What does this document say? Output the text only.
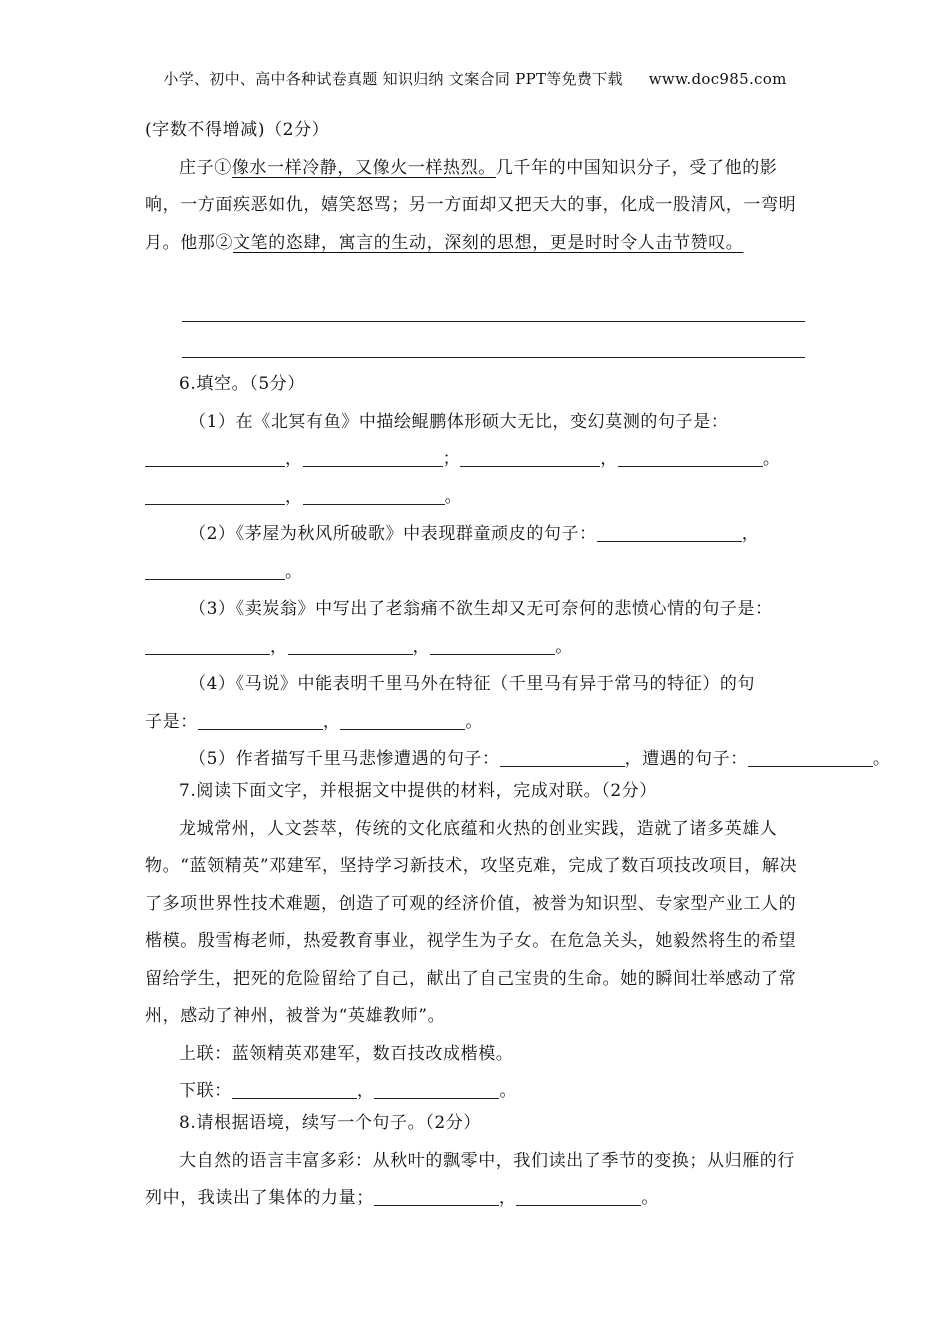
小学、初中、高中各种试卷真题 知识归纳 文案合同 PPT等免费下载 www.doc985.com
(字数不得增减)（2分）
庄子①像水一样冷静，又像火一样热烈。几千年的中国知识分子，受了他的影响，一方面疾恶如仇，嬉笑怒骂；另一方面却又把天大的事，化成一股清风，一弯明月。他那②文笔的恣肆，寓言的生动，深刻的思想，更是时时令人击节赞叹。
6.填空。（5分）
（1）在《北冥有鱼》中描绘鲲鹏体形硕大无比，变幻莫测的句子是：
，	；	，	。
，	。
（2）《茅屋为秋风所破歌》中表现群童顽皮的句子：	，
。
（3）《卖炭翁》中写出了老翁痛不欲生却又无可奈何的悲愤心情的句子是：
，	，	。
（4）《马说》中能表明千里马外在特征（千里马有异于常马的特征）的句
子是：	，	。
（5）作者描写千里马悲惨遭遇的句子：	，遭遇的句子：	。
7.阅读下面文字，并根据文中提供的材料，完成对联。（2分）
龙城常州，人文荟萃，传统的文化底蕴和火热的创业实践，造就了诸多英雄人物。“蓝领精英”邓建军，坚持学习新技术，攻坚克难，完成了数百项技改项目，解决了多项世界性技术难题，创造了可观的经济价值，被誉为知识型、专家型产业工人的楷模。殷雪梅老师，热爱教育事业，视学生为子女。在危急关头，她毅然将生的希望留给学生，把死的危险留给了自己，献出了自己宝贵的生命。她的瞬间壮举感动了常州，感动了神州，被誉为“英雄教师”。
上联：蓝领精英邓建军，数百技改成楷模。
下联：	，	。
8.请根据语境，续写一个句子。（2分）
大自然的语言丰富多彩：从秋叶的飘零中，我们读出了季节的变换；从归雁的行列中，我读出了集体的力量；	，	。
